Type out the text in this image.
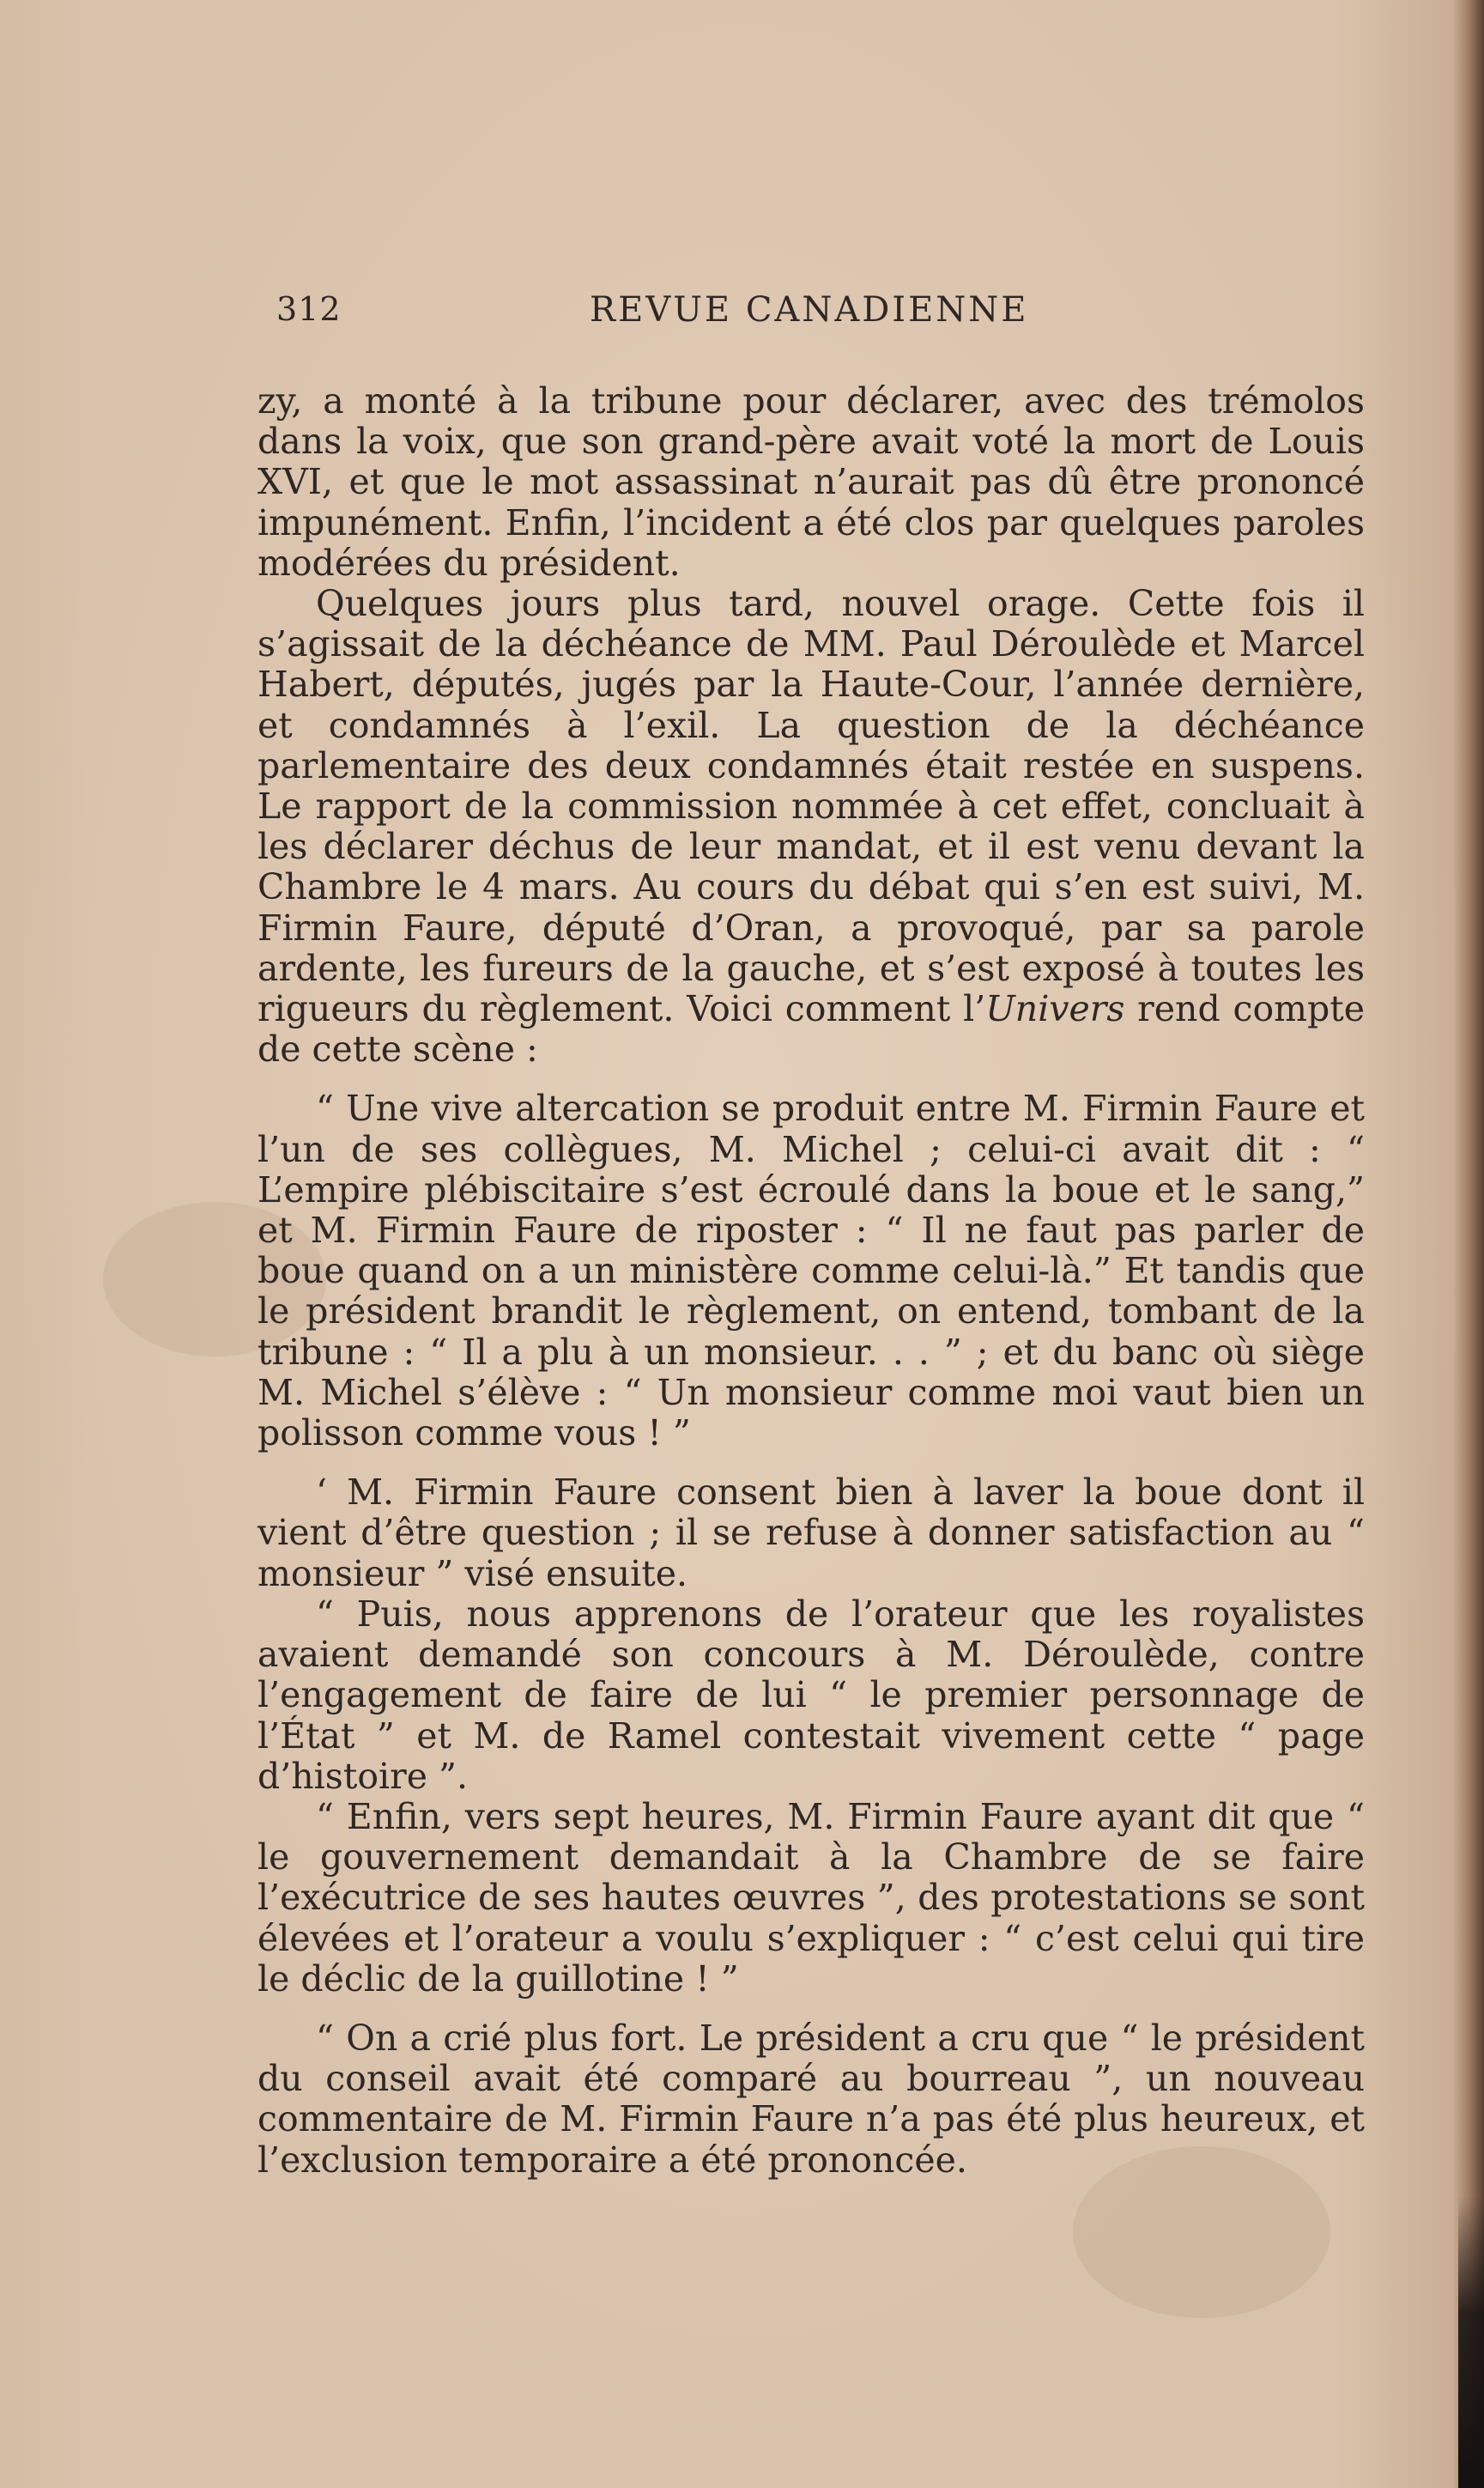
312	REVUE CANADIENNE

zy, a monté à la tribune pour déclarer, avec des trémolos dans la voix, que son grand-père avait voté la mort de Louis XVI, et que le mot assassinat n’aurait pas dû être prononcé impunément. Enfin, l’incident a été clos par quelques paroles modérées du président.

Quelques jours plus tard, nouvel orage. Cette fois il s’agissait de la déchéance de MM. Paul Déroulède et Marcel Habert, députés, jugés par la Haute-Cour, l’année dernière, et condamnés à l’exil. La question de la déchéance parlementaire des deux condamnés était restée en suspens. Le rapport de la commission nommée à cet effet, concluait à les déclarer déchus de leur mandat, et il est venu devant la Chambre le 4 mars. Au cours du débat qui s’en est suivi, M. Firmin Faure, député d’Oran, a provoqué, par sa parole ardente, les fureurs de la gauche, et s’est exposé à toutes les rigueurs du règlement. Voici comment l’Univers rend compte de cette scène :

“ Une vive altercation se produit entre M. Firmin Faure et l’un de ses collègues, M. Michel ; celui-ci avait dit : “ L’empire plébiscitaire s’est écroulé dans la boue et le sang,” et M. Firmin Faure de riposter : “ Il ne faut pas parler de boue quand on a un ministère comme celui-là.” Et tandis que le président brandit le règlement, on entend, tombant de la tribune : “ Il a plu à un monsieur. . . ” ; et du banc où siège M. Michel s’élève : “ Un monsieur comme moi vaut bien un polisson comme vous ! ”

‘ M. Firmin Faure consent bien à laver la boue dont il vient d’être question ; il se refuse à donner satisfaction au “ monsieur ” visé ensuite.

“ Puis, nous apprenons de l’orateur que les royalistes avaient demandé son concours à M. Déroulède, contre l’engagement de faire de lui “ le premier personnage de l’État ” et M. de Ramel contestait vivement cette “ page d’histoire ”.

“ Enfin, vers sept heures, M. Firmin Faure ayant dit que “ le gouvernement demandait à la Chambre de se faire l’exécutrice de ses hautes œuvres ”, des protestations se sont élevées et l’orateur a voulu s’expliquer : “ c’est celui qui tire le déclic de la guillotine ! ”

“ On a crié plus fort. Le président a cru que “ le président du conseil avait été comparé au bourreau ”, un nouveau commentaire de M. Firmin Faure n’a pas été plus heureux, et l’exclusion temporaire a été prononcée.
